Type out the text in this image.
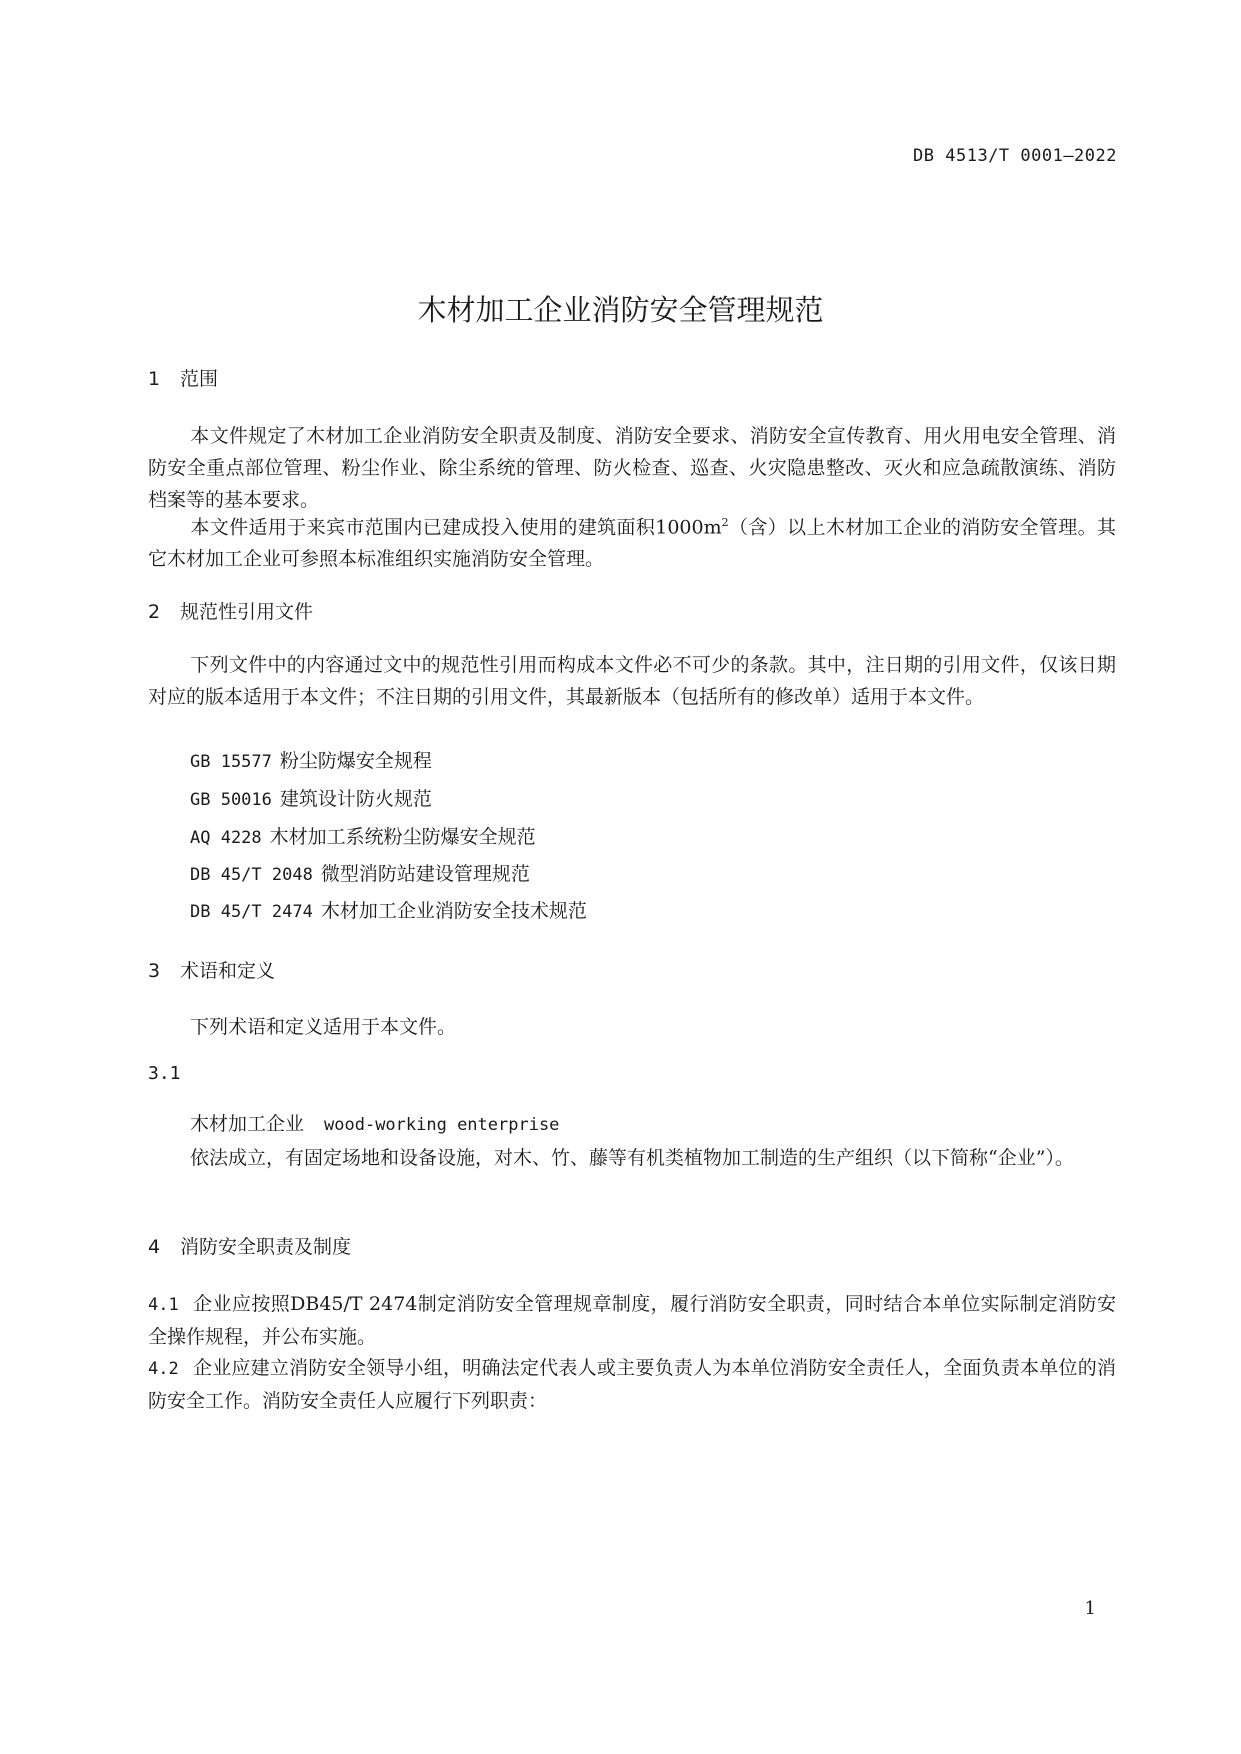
DB 4513/T 0001—2022
木材加工企业消防安全管理规范
1 范围
本文件规定了木材加工企业消防安全职责及制度、消防安全要求、消防安全宣传教育、用火用电安全管理、消防安全重点部位管理、粉尘作业、除尘系统的管理、防火检查、巡查、火灾隐患整改、灭火和应急疏散演练、消防档案等的基本要求。
本文件适用于来宾市范围内已建成投入使用的建筑面积$1000m^2$（含）以上木材加工企业的消防安全管理。其它木材加工企业可参照本标准组织实施消防安全管理。
2 规范性引用文件
下列文件中的内容通过文中的规范性引用而构成本文件必不可少的条款。其中，注日期的引用文件，仅该日期对应的版本适用于本文件；不注日期的引用文件，其最新版本（包括所有的修改单）适用于本文件。
GB 15577 粉尘防爆安全规程
GB 50016 建筑设计防火规范
AQ 4228 木材加工系统粉尘防爆安全规范
DB 45/T 2048 微型消防站建设管理规范
DB 45/T 2474 木材加工企业消防安全技术规范
3 术语和定义
下列术语和定义适用于本文件。
3.1
木材加工企业 wood-working enterprise
依法成立，有固定场地和设备设施，对木、竹、藤等有机类植物加工制造的生产组织（以下简称“企业”）。
4 消防安全职责及制度
4.1 企业应按照DB45/T 2474制定消防安全管理规章制度，履行消防安全职责，同时结合本单位实际制定消防安全操作规程，并公布实施。
4.2 企业应建立消防安全领导小组，明确法定代表人或主要负责人为本单位消防安全责任人，全面负责本单位的消防安全工作。消防安全责任人应履行下列职责：
1
